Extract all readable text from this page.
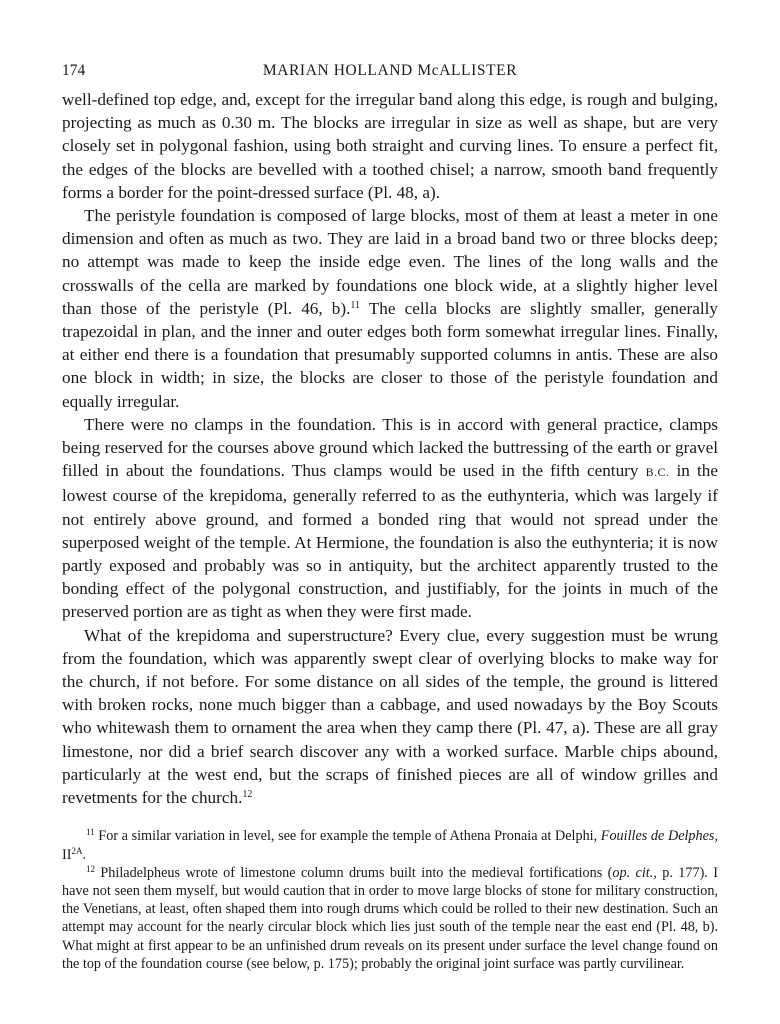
174	MARIAN HOLLAND McALLISTER

well-defined top edge, and, except for the irregular band along this edge, is rough and bulging, projecting as much as 0.30 m. The blocks are irregular in size as well as shape, but are very closely set in polygonal fashion, using both straight and curving lines. To ensure a perfect fit, the edges of the blocks are bevelled with a toothed chisel; a narrow, smooth band frequently forms a border for the point-dressed surface (Pl. 48, a).

The peristyle foundation is composed of large blocks, most of them at least a meter in one dimension and often as much as two. They are laid in a broad band two or three blocks deep; no attempt was made to keep the inside edge even. The lines of the long walls and the crosswalls of the cella are marked by foundations one block wide, at a slightly higher level than those of the peristyle (Pl. 46, b).$^{11}$ The cella blocks are slightly smaller, generally trapezoidal in plan, and the inner and outer edges both form somewhat irregular lines. Finally, at either end there is a foundation that presumably supported columns in antis. These are also one block in width; in size, the blocks are closer to those of the peristyle foundation and equally irregular.

There were no clamps in the foundation. This is in accord with general practice, clamps being reserved for the courses above ground which lacked the buttressing of the earth or gravel filled in about the foundations. Thus clamps would be used in the fifth century B.C. in the lowest course of the krepidoma, generally referred to as the euthynteria, which was largely if not entirely above ground, and formed a bonded ring that would not spread under the superposed weight of the temple. At Hermione, the foundation is also the euthynteria; it is now partly exposed and probably was so in antiquity, but the architect apparently trusted to the bonding effect of the polygonal construction, and justifiably, for the joints in much of the preserved portion are as tight as when they were first made.

What of the krepidoma and superstructure? Every clue, every suggestion must be wrung from the foundation, which was apparently swept clear of overlying blocks to make way for the church, if not before. For some distance on all sides of the temple, the ground is littered with broken rocks, none much bigger than a cabbage, and used nowadays by the Boy Scouts who whitewash them to ornament the area when they camp there (Pl. 47, a). These are all gray limestone, nor did a brief search discover any with a worked surface. Marble chips abound, particularly at the west end, but the scraps of finished pieces are all of window grilles and revetments for the church.$^{12}$

$^{11}$ For a similar variation in level, see for example the temple of Athena Pronaia at Delphi, Fouilles de Delphes, $II^{2A}$.

$^{12}$ Philadelpheus wrote of limestone column drums built into the medieval fortifications (op. cit., p. 177). I have not seen them myself, but would caution that in order to move large blocks of stone for military construction, the Venetians, at least, often shaped them into rough drums which could be rolled to their new destination. Such an attempt may account for the nearly circular block which lies just south of the temple near the east end (Pl. 48, b). What might at first appear to be an unfinished drum reveals on its present under surface the level change found on the top of the foundation course (see below, p. 175); probably the original joint surface was partly curvilinear.
